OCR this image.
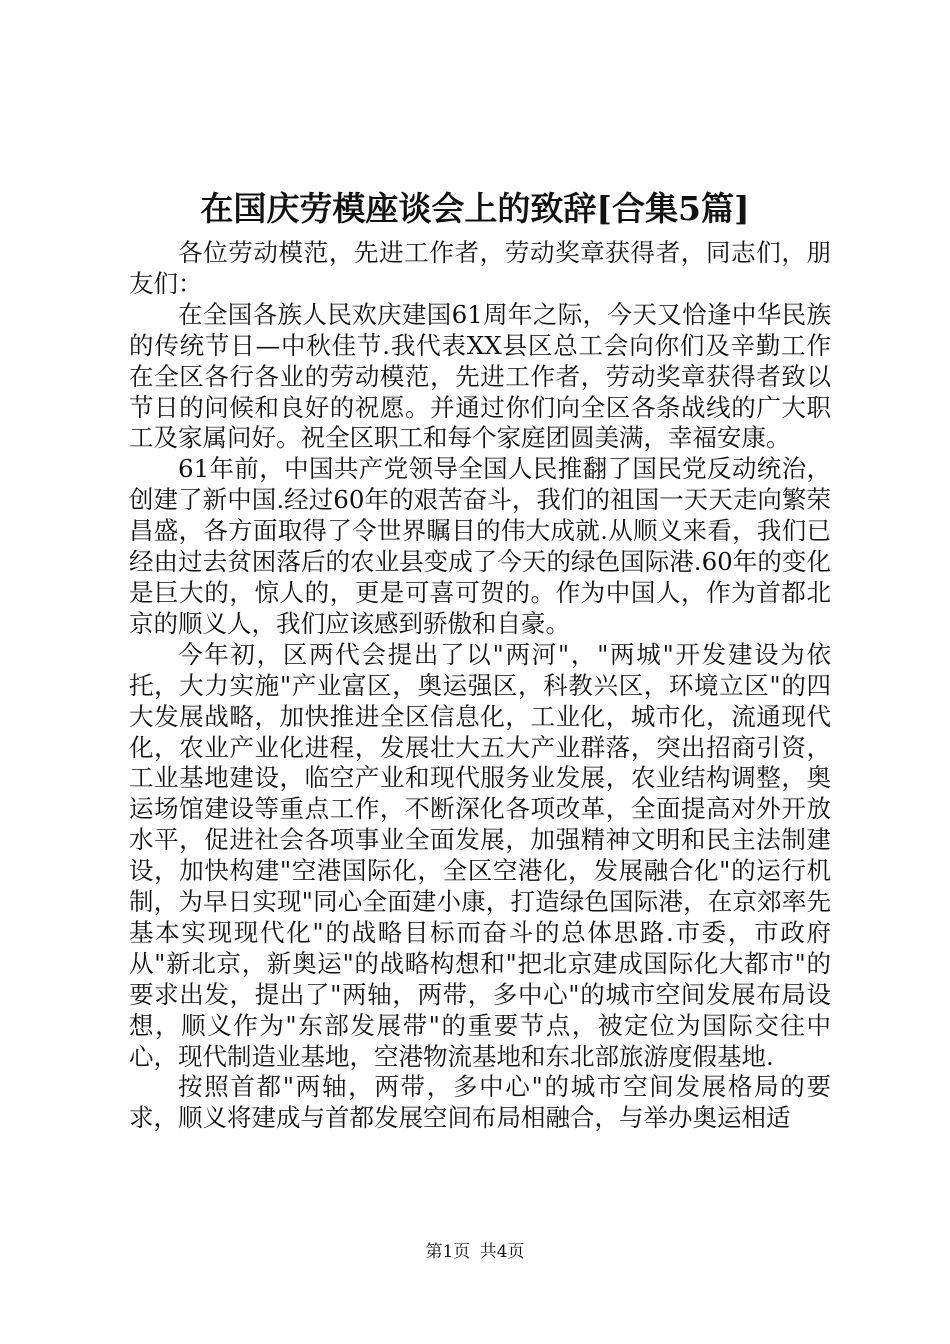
在国庆劳模座谈会上的致辞[合集5篇]

各位劳动模范，先进工作者，劳动奖章获得者，同志们，朋友们：

在全国各族人民欢庆建国61周年之际，今天又恰逢中华民族的传统节日—中秋佳节.我代表XX县区总工会向你们及辛勤工作在全区各行各业的劳动模范，先进工作者，劳动奖章获得者致以节日的问候和良好的祝愿。并通过你们向全区各条战线的广大职工及家属问好。祝全区职工和每个家庭团圆美满，幸福安康。

61年前，中国共产党领导全国人民推翻了国民党反动统治，创建了新中国.经过60年的艰苦奋斗，我们的祖国一天天走向繁荣昌盛，各方面取得了令世界瞩目的伟大成就.从顺义来看，我们已经由过去贫困落后的农业县变成了今天的绿色国际港.60年的变化是巨大的，惊人的，更是可喜可贺的。作为中国人，作为首都北京的顺义人，我们应该感到骄傲和自豪。

今年初，区两代会提出了以"两河"，"两城"开发建设为依托，大力实施"产业富区，奥运强区，科教兴区，环境立区"的四大发展战略，加快推进全区信息化，工业化，城市化，流通现代化，农业产业化进程，发展壮大五大产业群落，突出招商引资，工业基地建设，临空产业和现代服务业发展，农业结构调整，奥运场馆建设等重点工作，不断深化各项改革，全面提高对外开放水平，促进社会各项事业全面发展，加强精神文明和民主法制建设，加快构建"空港国际化，全区空港化，发展融合化"的运行机制，为早日实现"同心全面建小康，打造绿色国际港，在京郊率先基本实现现代化"的战略目标而奋斗的总体思路.市委，市政府从"新北京，新奥运"的战略构想和"把北京建成国际化大都市"的要求出发，提出了"两轴，两带，多中心"的城市空间发展布局设想，顺义作为"东部发展带"的重要节点，被定位为国际交往中心，现代制造业基地，空港物流基地和东北部旅游度假基地.

按照首都"两轴，两带，多中心"的城市空间发展格局的要求，顺义将建成与首都发展空间布局相融合，与举办奥运相适

第1页 共4页
